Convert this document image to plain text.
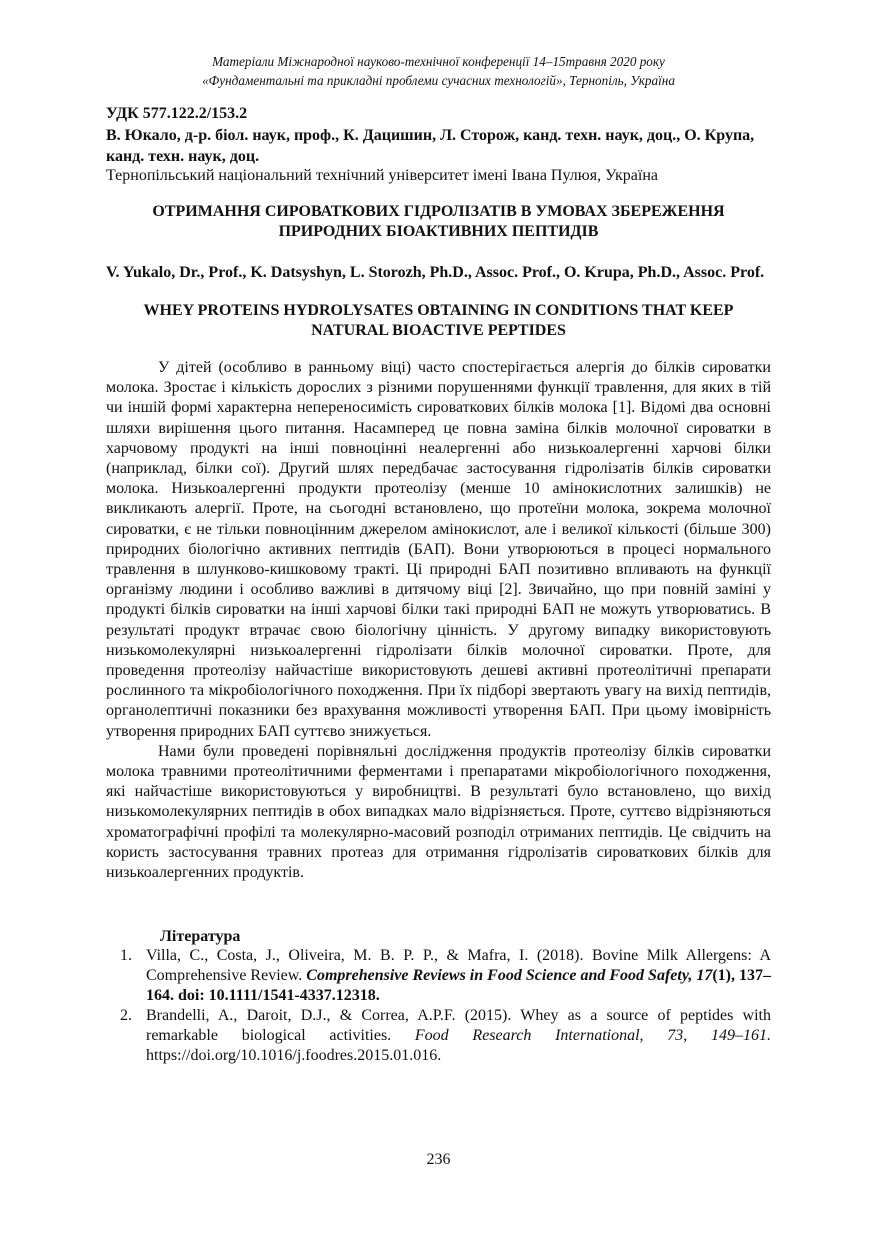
Матеріали Міжнародної науково-технічної конференції 14–15травня 2020 року
«Фундаментальні та прикладні проблеми сучасних технологій», Тернопіль, Україна
УДК 577.122.2/153.2
В. Юкало, д-р. біол. наук, проф., К. Дацишин, Л. Сторож, канд. техн. наук, доц., О. Крупа, канд. техн. наук, доц.
Тернопільський національний технічний університет імені Івана Пулюя, Україна
ОТРИМАННЯ СИРОВАТКОВИХ ГІДРОЛІЗАТІВ В УМОВАХ ЗБЕРЕЖЕННЯ ПРИРОДНИХ БІОАКТИВНИХ ПЕПТИДІВ
V. Yukalo, Dr., Prof., K. Datsyshyn, L. Storozh, Ph.D., Assoc. Prof., O. Krupa, Ph.D., Assoc. Prof.
WHEY PROTEINS HYDROLYSATES OBTAINING IN CONDITIONS THAT KEEP NATURAL BIOACTIVE PEPTIDES

У дітей (особливо в ранньому віці) часто спостерігається алергія до білків сироватки молока. Зростає і кількість дорослих з різними порушеннями функції травлення, для яких в тій чи іншій формі характерна непереносимість сироваткових білків молока [1]. Відомі два основні шляхи вирішення цього питання. Насамперед це повна заміна білків молочної сироватки в харчовому продукті на інші повноцінні неалергенні або низькоалергенні харчові білки (наприклад, білки сої). Другий шлях передбачає застосування гідролізатів білків сироватки молока. Низькоалергенні продукти протеолізу (менше 10 амінокислотних залишків) не викликають алергії. Проте, на сьогодні встановлено, що протеїни молока, зокрема молочної сироватки, є не тільки повноцінним джерелом амінокислот, але і великої кількості (більше 300) природних біологічно активних пептидів (БАП). Вони утворюються в процесі нормального травлення в шлунково-кишковому тракті. Ці природні БАП позитивно впливають на функції організму людини і особливо важливі в дитячому віці [2]. Звичайно, що при повній заміні у продукті білків сироватки на інші харчові білки такі природні БАП не можуть утворюватись. В результаті продукт втрачає свою біологічну цінність. У другому випадку використовують низькомолекулярні низькоалергенні гідролізати білків молочної сироватки. Проте, для проведення протеолізу найчастіше використовують дешеві активні протеолітичні препарати рослинного та мікробіологічного походження. При їх підборі звертають увагу на вихід пептидів, органолептичні показники без врахування можливості утворення БАП. При цьому імовірність утворення природних БАП суттєво знижується.

Нами були проведені порівняльні дослідження продуктів протеолізу білків сироватки молока травними протеолітичними ферментами і препаратами мікробіологічного походження, які найчастіше використовуються у виробництві. В результаті було встановлено, що вихід низькомолекулярних пептидів в обох випадках мало відрізняється. Проте, суттєво відрізняються хроматографічні профілі та молекулярно-масовий розподіл отриманих пептидів. Це свідчить на користь застосування травних протеаз для отримання гідролізатів сироваткових білків для низькоалергенних продуктів.

Література
1. Villa, C., Costa, J., Oliveira, M. B. P. P., & Mafra, I. (2018). Bovine Milk Allergens: A Comprehensive Review. Comprehensive Reviews in Food Science and Food Safety, 17(1), 137–164. doi: 10.1111/1541-4337.12318.
2. Brandelli, A., Daroit, D.J., & Correa, A.P.F. (2015). Whey as a source of peptides with remarkable biological activities. Food Research International, 73, 149–161. https://doi.org/10.1016/j.foodres.2015.01.016.
236
